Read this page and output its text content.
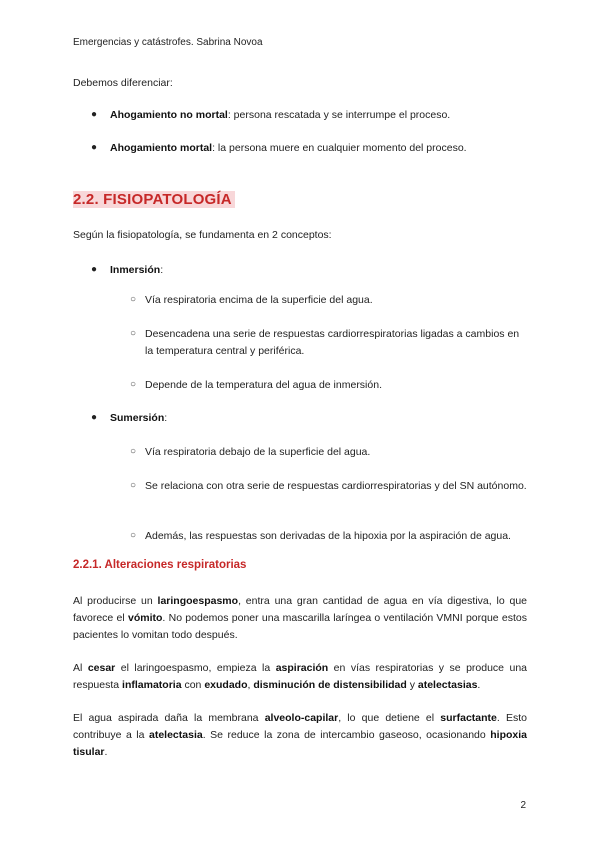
Emergencias y catástrofes. Sabrina Novoa
Debemos diferenciar:
● Ahogamiento no mortal: persona rescatada y se interrumpe el proceso.
● Ahogamiento mortal: la persona muere en cualquier momento del proceso.
2.2. FISIOPATOLOGÍA
Según la fisiopatología, se fundamenta en 2 conceptos:
● Inmersión:
○ Vía respiratoria encima de la superficie del agua.
○ Desencadena una serie de respuestas cardiorrespiratorias ligadas a cambios en la temperatura central y periférica.
○ Depende de la temperatura del agua de inmersión.
● Sumersión:
○ Vía respiratoria debajo de la superficie del agua.
○ Se relaciona con otra serie de respuestas cardiorrespiratorias y del SN autónomo.
○ Además, las respuestas son derivadas de la hipoxia por la aspiración de agua.
2.2.1. Alteraciones respiratorias
Al producirse un laringoespasmo, entra una gran cantidad de agua en vía digestiva, lo que favorece el vómito. No podemos poner una mascarilla laríngea o ventilación VMNI porque estos pacientes lo vomitan todo después.
Al cesar el laringoespasmo, empieza la aspiración en vías respiratorias y se produce una respuesta inflamatoria con exudado, disminución de distensibilidad y atelectasias.
El agua aspirada daña la membrana alveolo-capilar, lo que detiene el surfactante. Esto contribuye a la atelectasia. Se reduce la zona de intercambio gaseoso, ocasionando hipoxia tisular.
2
